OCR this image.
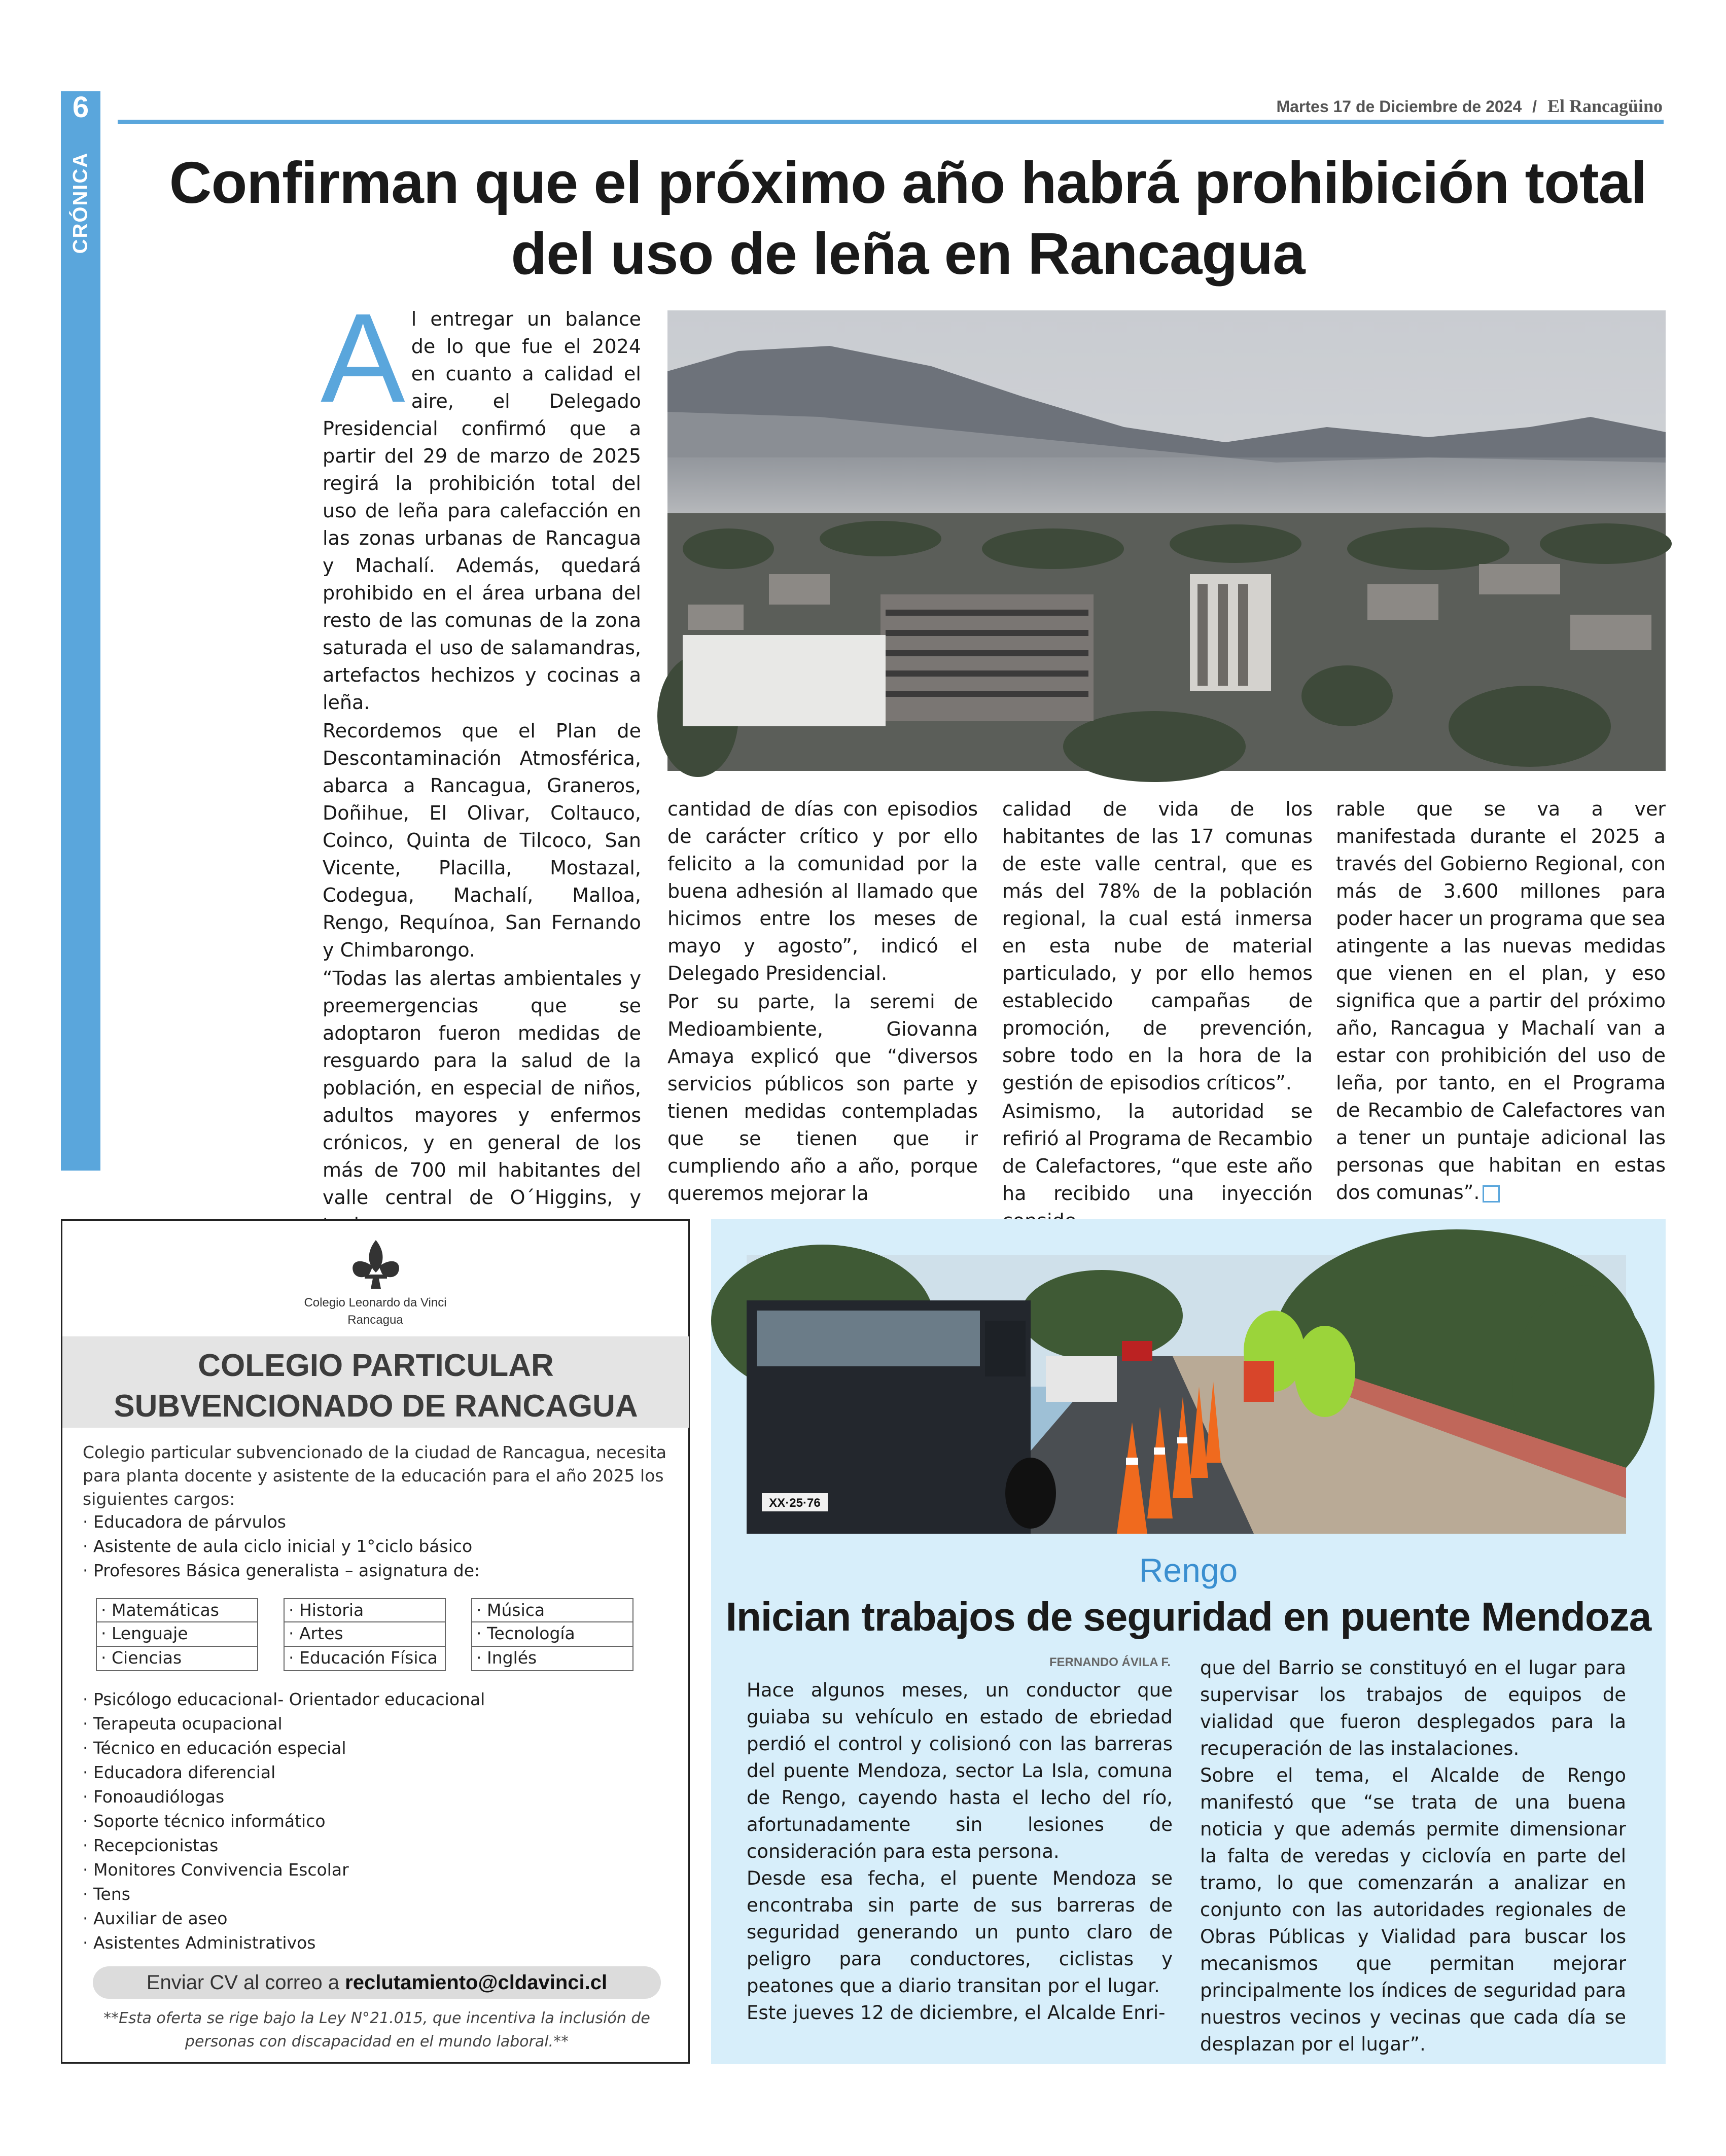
6
CRÓNICA
Martes 17 de Diciembre de 2024 / El Rancagüino
Confirman que el próximo año habrá prohibición total del uso de leña en Rancagua
A l entregar un balance de lo que fue el 2024 en cuanto a calidad el aire, el Delegado Presidencial confirmó que a partir del 29 de marzo de 2025 regirá la prohibición total del uso de leña para calefacción en las zonas urbanas de Rancagua y Machalí. Además, quedará prohibido en el área urbana del resto de las comunas de la zona saturada el uso de salamandras, artefactos hechizos y cocinas a leña.

Recordemos que el Plan de Descontaminación Atmosférica, abarca a Rancagua, Graneros, Doñihue, El Olivar, Coltauco, Coinco, Quinta de Tilcoco, San Vicente, Placilla, Mostazal, Codegua, Machalí, Malloa, Rengo, Requínoa, San Fernando y Chimbarongo.

“Todas las alertas ambientales y preemergencias que se adoptaron fueron medidas de resguardo para la salud de la población, en especial de niños, adultos mayores y enfermos crónicos, y en general de los más de 700 mil habitantes del valle central de O´Higgins, y

cantidad de días con episodios de carácter crítico y por ello felicito a la comunidad por la buena adhesión al llamado que hicimos entre los meses de mayo y agosto”, indicó el Delegado Presidencial.

Por su parte, la seremi de Medioambiente, Giovanna Amaya explicó que “diversos servicios públicos son parte y tienen medidas contempladas que se tienen que ir cumpliendo año a año, porque queremos mejorar la

calidad de vida de los habitantes de las 17 comunas de este valle central, que es más del 78% de la población regional, la cual está inmersa en esta nube de material particulado, y por ello hemos establecido campañas de promoción, de prevención, sobre todo en la hora de la gestión de episodios críticos”.

Asimismo, la autoridad se refirió al Programa de Recambio de Calefactores, “que este año ha recibido una inyección

rable que se va a ver manifestada durante el 2025 a través del Gobierno Regional, con más de 3.600 millones para poder hacer un programa que sea atingente a las nuevas medidas que vienen en el plan, y eso significa que a partir del próximo año, Rancagua y Machalí van a estar con prohibición del uso de leña, por tanto, en el Programa de Recambio de Calefactores van a tener un puntaje adicional las personas que habitan en estas dos comunas”.

Colegio Leonardo da Vinci
Rancagua
COLEGIO PARTICULAR
SUBVENCIONADO DE RANCAGUA
Colegio particular subvencionado de la ciudad de Rancagua, necesita para planta docente y asistente de la educación para el año 2025 los siguientes cargos:
· Educadora de párvulos
· Asistente de aula ciclo inicial y 1°ciclo básico
· Profesores Básica generalista – asignatura de:
· Matemáticas
· Lenguaje
· Ciencias
· Historia
· Artes
· Educación Física
· Música
· Tecnología
· Inglés
· Psicólogo educacional- Orientador educacional
· Terapeuta ocupacional
· Técnico en educación especial
· Educadora diferencial
· Fonoaudiólogas
· Soporte técnico informático
· Recepcionistas
· Monitores Convivencia Escolar
· Tens
· Auxiliar de aseo
· Asistentes Administrativos
Enviar CV al correo a reclutamiento@cldavinci.cl
**Esta oferta se rige bajo la Ley N°21.015, que incentiva la inclusión de personas con discapacidad en el mundo laboral.**
XX·25·76
Rengo
Inician trabajos de seguridad en puente Mendoza
FERNANDO ÁVILA F.

Hace algunos meses, un conductor que guiaba su vehículo en estado de ebriedad perdió el control y colisionó con las barreras del puente Mendoza, sector La Isla, comuna de Rengo, cayendo hasta el lecho del río, afortunadamente sin lesiones de consideración para esta persona.

Desde esa fecha, el puente Mendoza se encontraba sin parte de sus barreras de seguridad generando un punto claro de peligro para conductores, ciclistas y peatones que a diario transitan por el lugar.

Este jueves 12 de diciembre, el Alcalde Enri-

que del Barrio se constituyó en el lugar para supervisar los trabajos de equipos de vialidad que fueron desplegados para la recuperación de las instalaciones.

Sobre el tema, el Alcalde de Rengo manifestó que “se trata de una buena noticia y que además permite dimensionar la falta de veredas y ciclovía en parte del tramo, lo que comenzarán a analizar en conjunto con las autoridades regionales de Obras Públicas y Vialidad para buscar los mecanismos que permitan mejorar principalmente los índices de seguridad para nuestros vecinos y vecinas que cada día se desplazan por el lugar”.
